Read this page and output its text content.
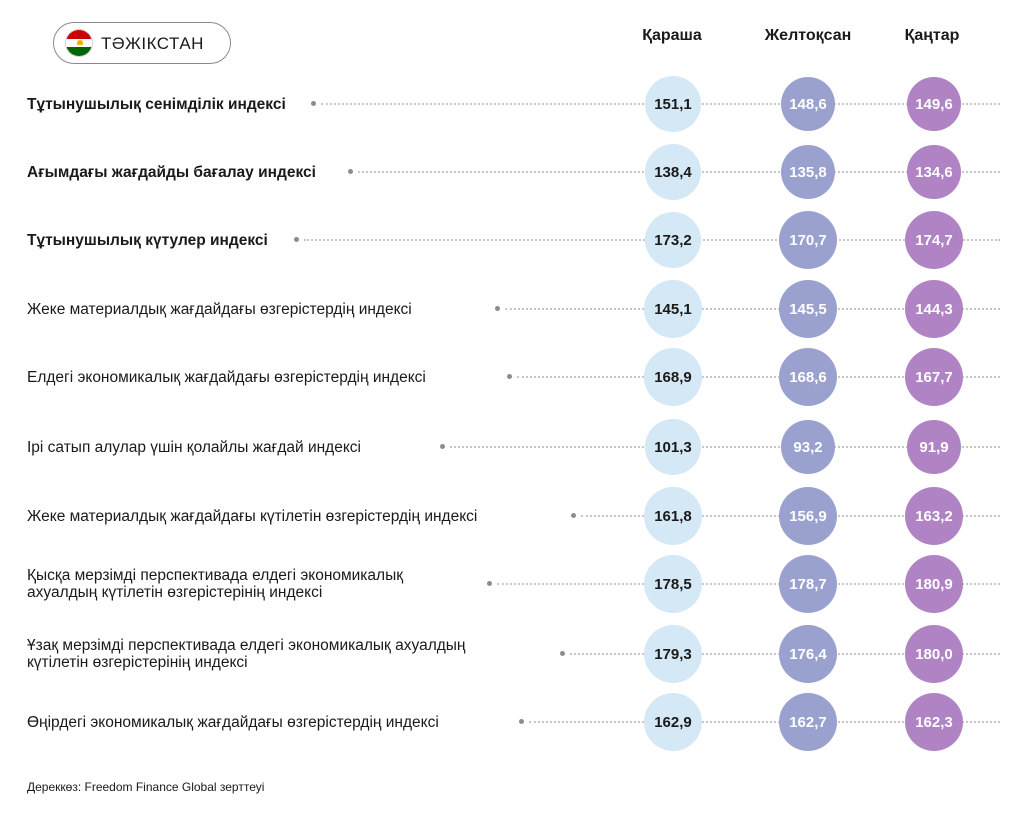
ТӘЖІКСТАН	Қараша	Желтоқсан	Қаңтар
Тұтынушылық сенімділік индексі	151,1	148,6	149,6
Ағымдағы жағдайды бағалау индексі	138,4	135,8	134,6
Тұтынушылық күтулер индексі	173,2	170,7	174,7
Жеке материалдық жағдайдағы өзгерістердің индексі	145,1	145,5	144,3
Елдегі экономикалық жағдайдағы өзгерістердің индексі	168,9	168,6	167,7
Ірі сатып алулар үшін қолайлы жағдай индексі	101,3	93,2	91,9
Жеке материалдық жағдайдағы күтілетін өзгерістердің индексі	161,8	156,9	163,2
Қысқа мерзімді перспективада елдегі экономикалық
ахуалдың күтілетін өзгерістерінің индексі	178,5	178,7	180,9
Ұзақ мерзімді перспективада елдегі экономикалық ахуалдың
күтілетін өзгерістерінің индексі	179,3	176,4	180,0
Өңірдегі экономикалық жағдайдағы өзгерістердің индексі	162,9	162,7	162,3
Дереккөз: Freedom Finance Global зерттеуі
